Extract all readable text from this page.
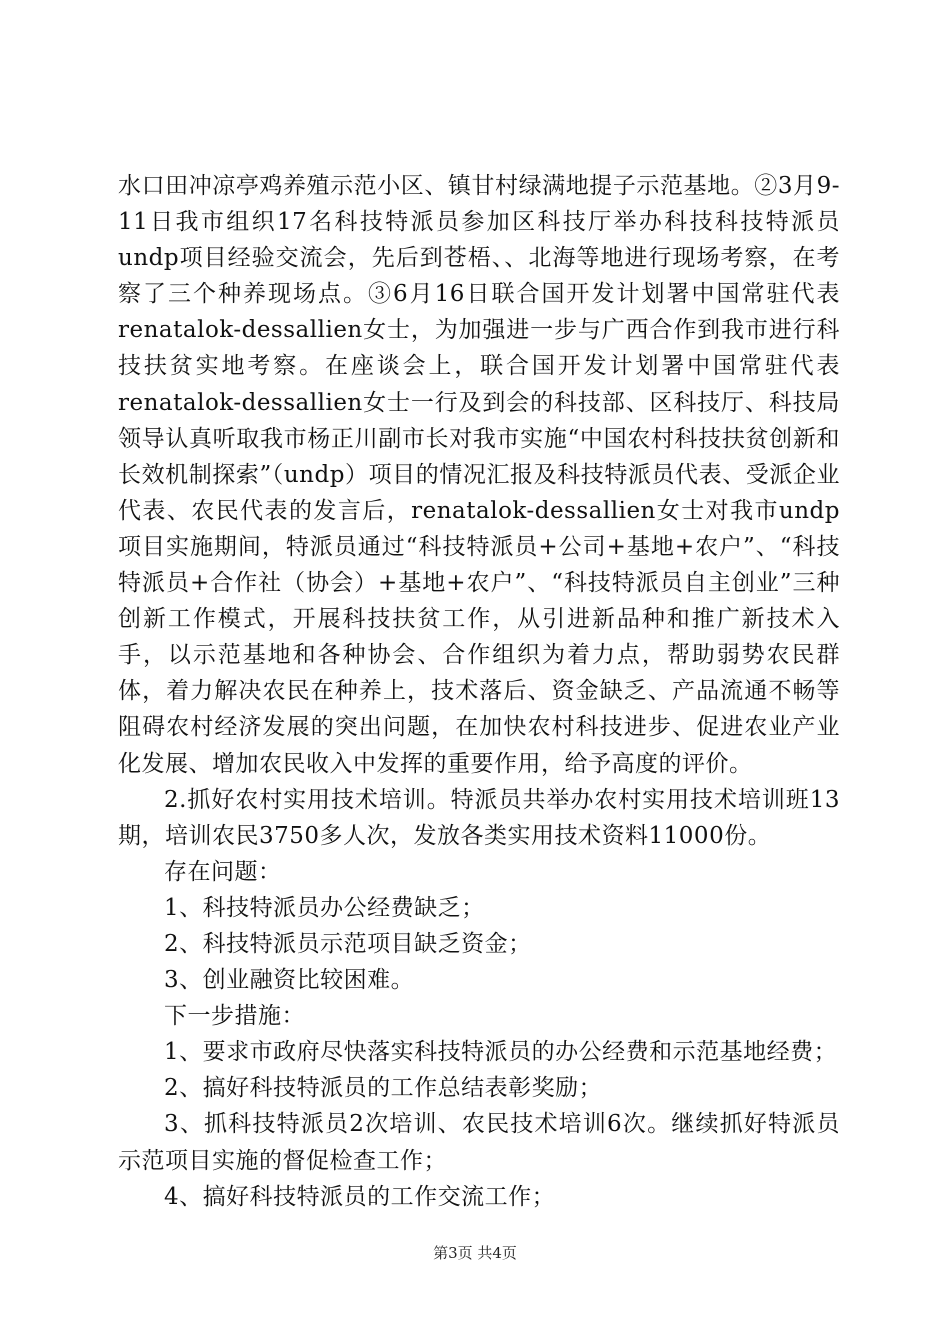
水口田冲凉亭鸡养殖示范小区、镇甘村绿满地提子示范基地。②3月9-11日我市组织17名科技特派员参加区科技厅举办科技科技特派员undp项目经验交流会，先后到苍梧、、北海等地进行现场考察，在考察了三个种养现场点。③6月16日联合国开发计划署中国常驻代表renatalok-dessallien女士，为加强进一步与广西合作到我市进行科技扶贫实地考察。在座谈会上，联合国开发计划署中国常驻代表renatalok-dessallien女士一行及到会的科技部、区科技厅、科技局领导认真听取我市杨正川副市长对我市实施“中国农村科技扶贫创新和长效机制探索”（undp）项目的情况汇报及科技特派员代表、受派企业代表、农民代表的发言后，renatalok-dessallien女士对我市undp项目实施期间，特派员通过“科技特派员+公司+基地+农户”、“科技特派员+合作社（协会）+基地+农户”、“科技特派员自主创业”三种创新工作模式，开展科技扶贫工作，从引进新品种和推广新技术入手，以示范基地和各种协会、合作组织为着力点，帮助弱势农民群体，着力解决农民在种养上，技术落后、资金缺乏、产品流通不畅等阻碍农村经济发展的突出问题，在加快农村科技进步、促进农业产业化发展、增加农民收入中发挥的重要作用，给予高度的评价。

2.抓好农村实用技术培训。特派员共举办农村实用技术培训班13期，培训农民3750多人次，发放各类实用技术资料11000份。

存在问题：

1、科技特派员办公经费缺乏；

2、科技特派员示范项目缺乏资金；

3、创业融资比较困难。

下一步措施：

1、要求市政府尽快落实科技特派员的办公经费和示范基地经费；

2、搞好科技特派员的工作总结表彰奖励；

3、抓科技特派员2次培训、农民技术培训6次。继续抓好特派员示范项目实施的督促检查工作；

4、搞好科技特派员的工作交流工作；

第3页 共4页
